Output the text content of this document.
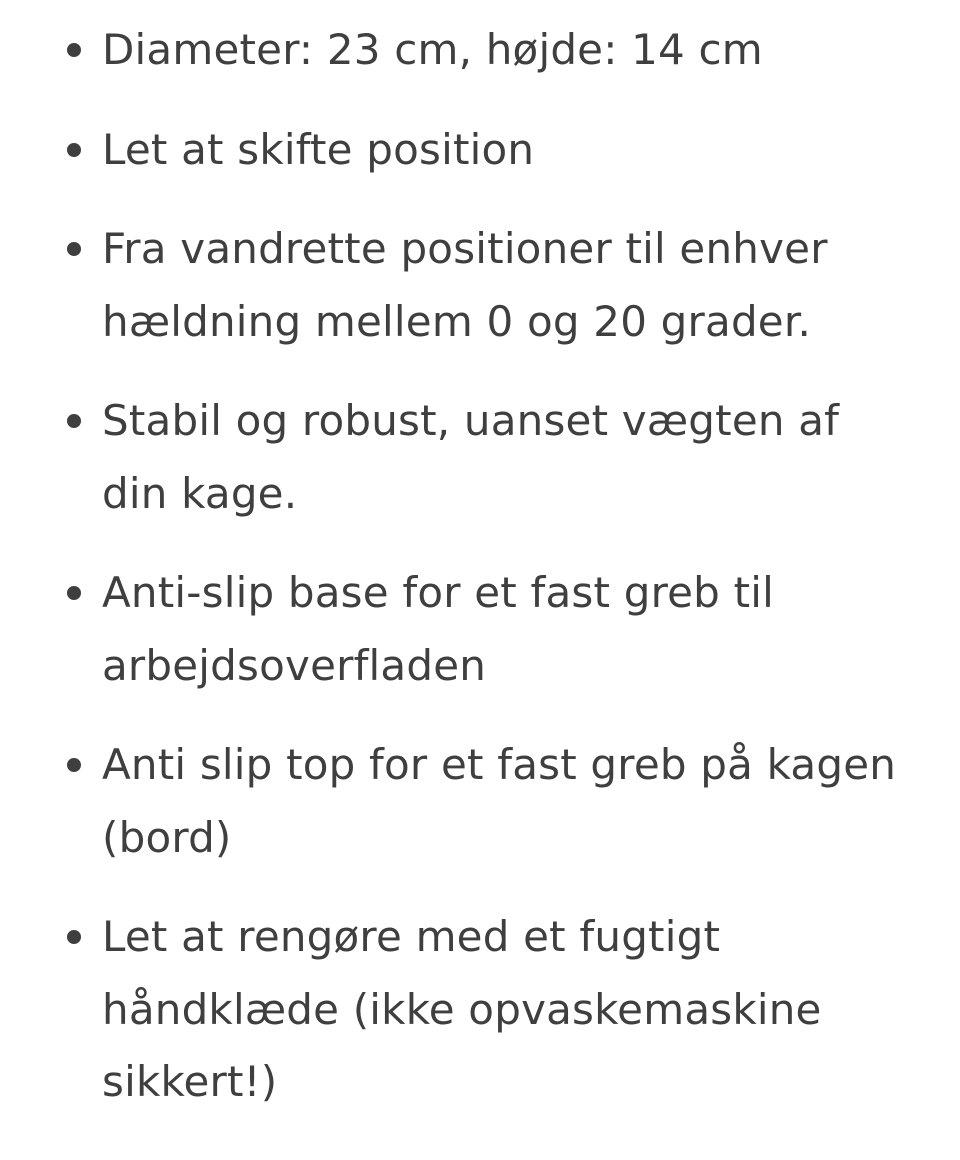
Diameter: 23 cm, højde: 14 cm
Let at skifte position
Fra vandrette positioner til enhver hældning mellem 0 og 20 grader.
Stabil og robust, uanset vægten af din kage.
Anti-slip base for et fast greb til arbejdsoverfladen
Anti slip top for et fast greb på kagen (bord)
Let at rengøre med et fugtigt håndklæde (ikke opvaskemaskine sikkert!)
